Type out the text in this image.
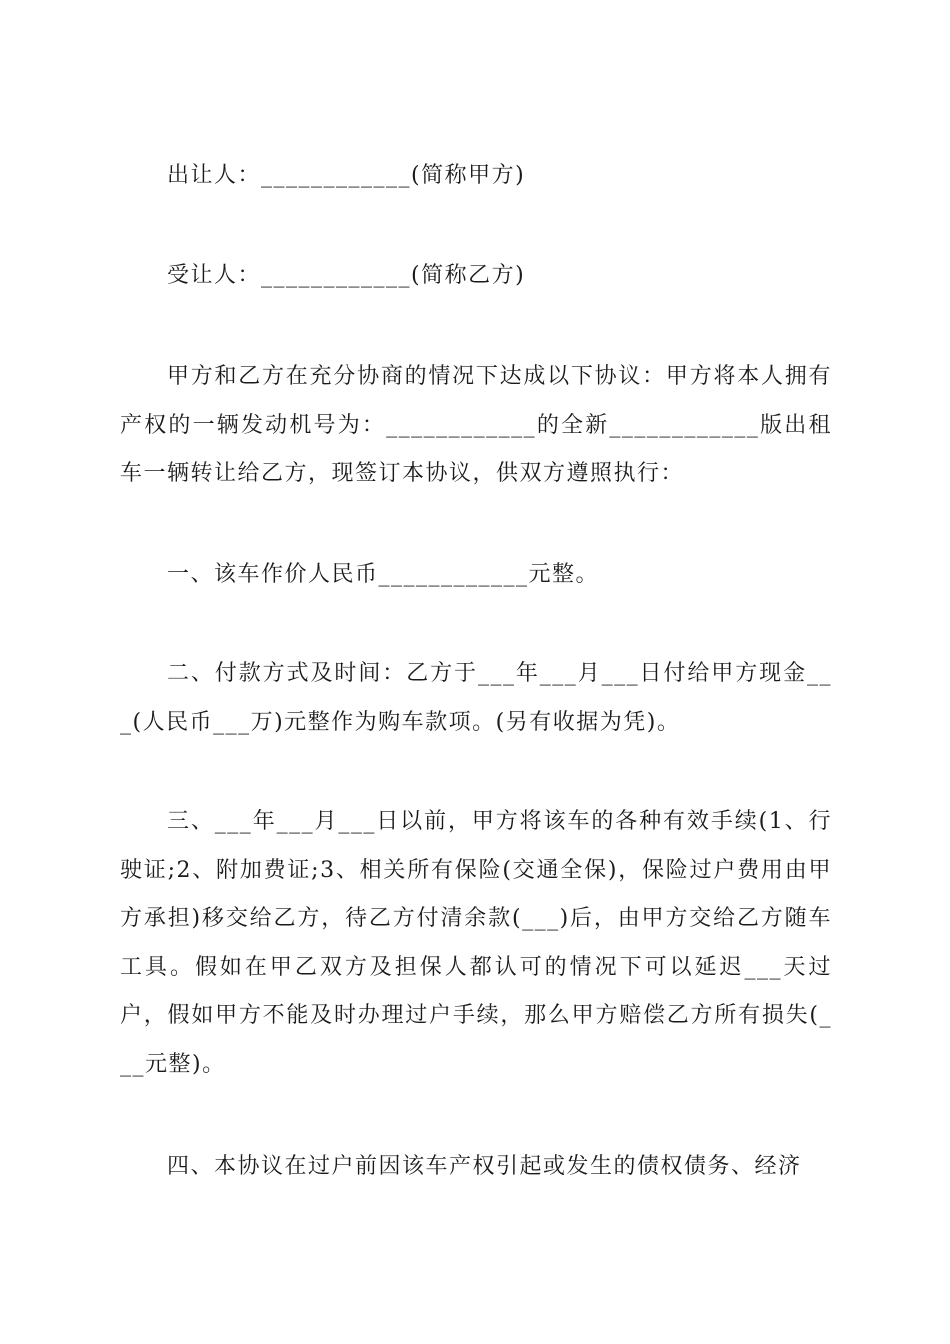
出让人：____________(简称甲方)

受让人：____________(简称乙方)

甲方和乙方在充分协商的情况下达成以下协议：甲方将本人拥有产权的一辆发动机号为：____________的全新____________版出租车一辆转让给乙方，现签订本协议，供双方遵照执行：

一、该车作价人民币____________元整。

二、付款方式及时间：乙方于___年___月___日付给甲方现金___(人民币___万)元整作为购车款项。(另有收据为凭)。

三、___年___月___日以前，甲方将该车的各种有效手续(1、行驶证;2、附加费证;3、相关所有保险(交通全保)，保险过户费用由甲方承担)移交给乙方，待乙方付清余款(___)后，由甲方交给乙方随车工具。假如在甲乙双方及担保人都认可的情况下可以延迟___天过户，假如甲方不能及时办理过户手续，那么甲方赔偿乙方所有损失(___元整)。

四、本协议在过户前因该车产权引起或发生的债权债务、经济
